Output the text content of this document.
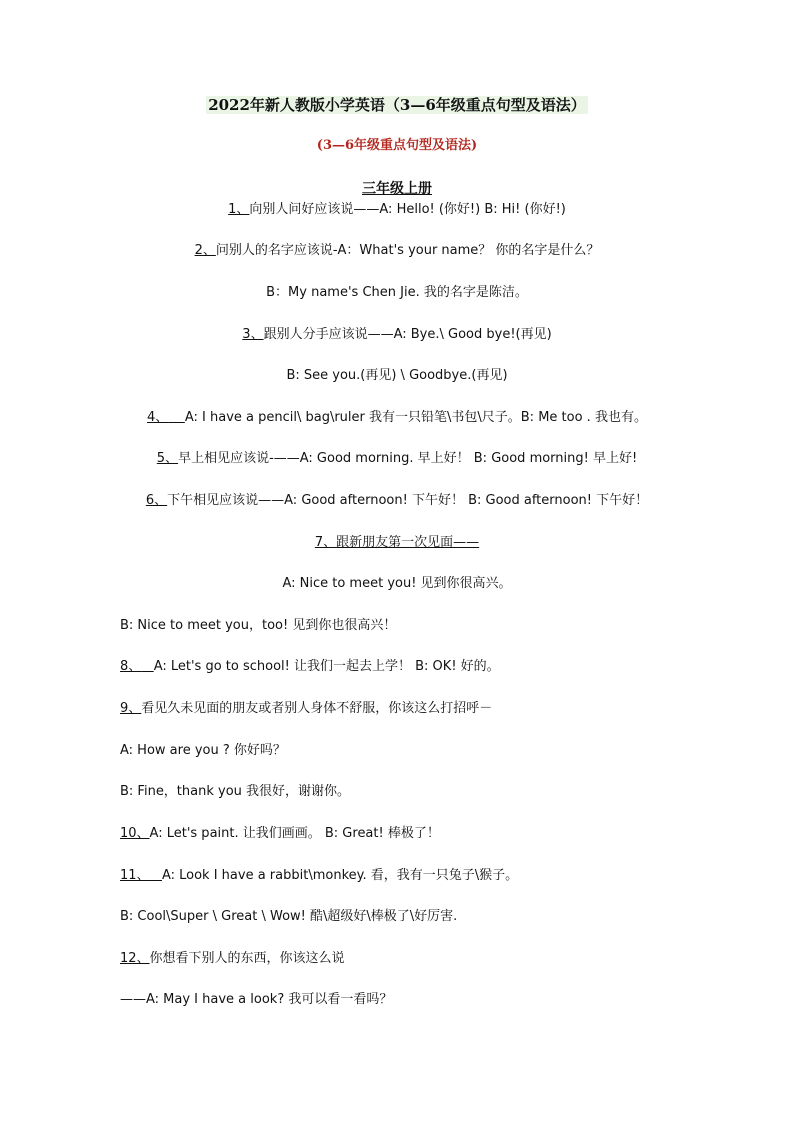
2022年新人教版小学英语（3—6年级重点句型及语法）
(3—6年级重点句型及语法)
三年级上册
1、向别人问好应该说——A: Hello! (你好!) B: Hi! (你好!)
2、问别人的名字应该说-A：What's your name？ 你的名字是什么？
B：My name's Chen Jie. 我的名字是陈洁。
3、跟别人分手应该说——A: Bye.\ Good bye!(再见)
B: See you.(再见) \ Goodbye.(再见)
4、 A: I have a pencil\ bag\ruler 我有一只铅笔\书包\尺子。B: Me too . 我也有。
5、早上相见应该说-——A: Good morning. 早上好！ B: Good morning! 早上好!
6、下午相见应该说——A: Good afternoon! 下午好！ B: Good afternoon! 下午好！
7、跟新朋友第一次见面——
A: Nice to meet you! 见到你很高兴。
B: Nice to meet you，too! 见到你也很高兴！
8、 A: Let's go to school! 让我们一起去上学！ B: OK! 好的。
9、看见久未见面的朋友或者别人身体不舒服，你该这么打招呼－
A: How are you ? 你好吗？
B: Fine，thank you 我很好，谢谢你。
10、A: Let's paint. 让我们画画。 B: Great! 棒极了！
11、 A: Look I have a rabbit\monkey. 看，我有一只兔子\猴子。
B: Cool\Super \ Great \ Wow! 酷\超级好\棒极了\好厉害.
12、你想看下别人的东西，你该这么说
——A: May I have a look? 我可以看一看吗？
